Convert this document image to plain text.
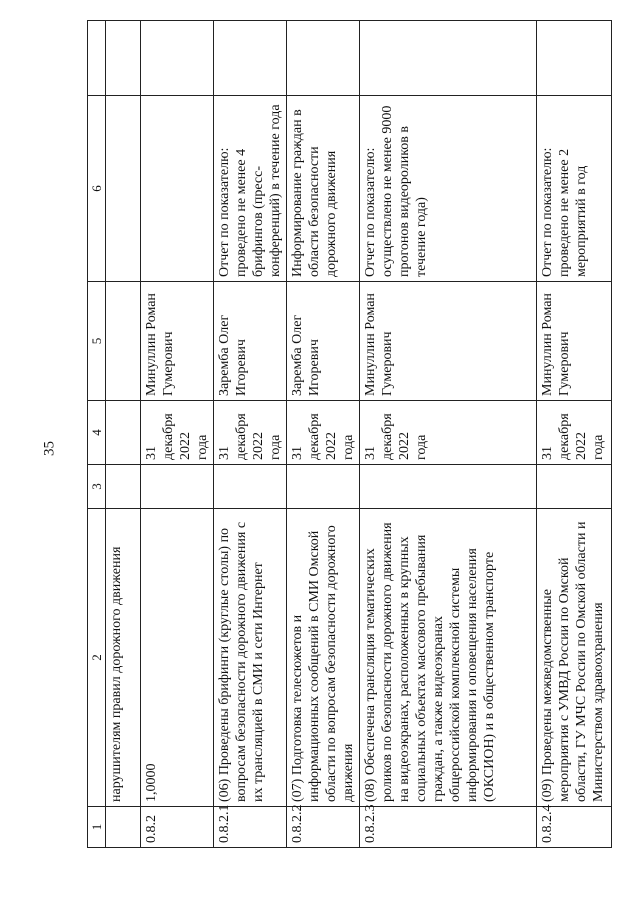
35
1	2	3	4	5	6	
	нарушителям правил дорожного движения					
0.8.2	1,0000		31 декабря 2022 года	Минуллин Роман Гумерович		
0.8.2.1	(06) Проведены брифинги (круглые столы) по вопросам безопасности дорожного движения с их трансляцией в СМИ и сети Интернет		31 декабря 2022 года	Заремба Олег Игоревич	Отчет по показателю: проведено не менее 4 брифингов (пресс-конференций) в течение года	
0.8.2.2	(07) Подготовка телесюжетов и информационных сообщений в СМИ Омской области по вопросам безопасности дорожного движения		31 декабря 2022 года	Заремба Олег Игоревич	Информирование граждан в области безопасности дорожного движения	
0.8.2.3	(08) Обеспечена трансляция тематических роликов по безопасности дорожного движения на видеоэкранах, расположенных в крупных социальных объектах массового пребывания граждан, а также видеоэкранах общероссийской комплексной системы информирования и оповещения населения (ОКСИОН) и в общественном транспорте		31 декабря 2022 года	Минуллин Роман Гумерович	Отчет по показателю: осуществлено не менее 9000 прогонов видеороликов в течение года)	
0.8.2.4	(09) Проведены межведомственные мероприятия с УМВД России по Омской области, ГУ МЧС России по Омской области и Министерством здравоохранения		31 декабря 2022 года	Минуллин Роман Гумерович	Отчет по показателю: проведено не менее 2 мероприятий в год	
